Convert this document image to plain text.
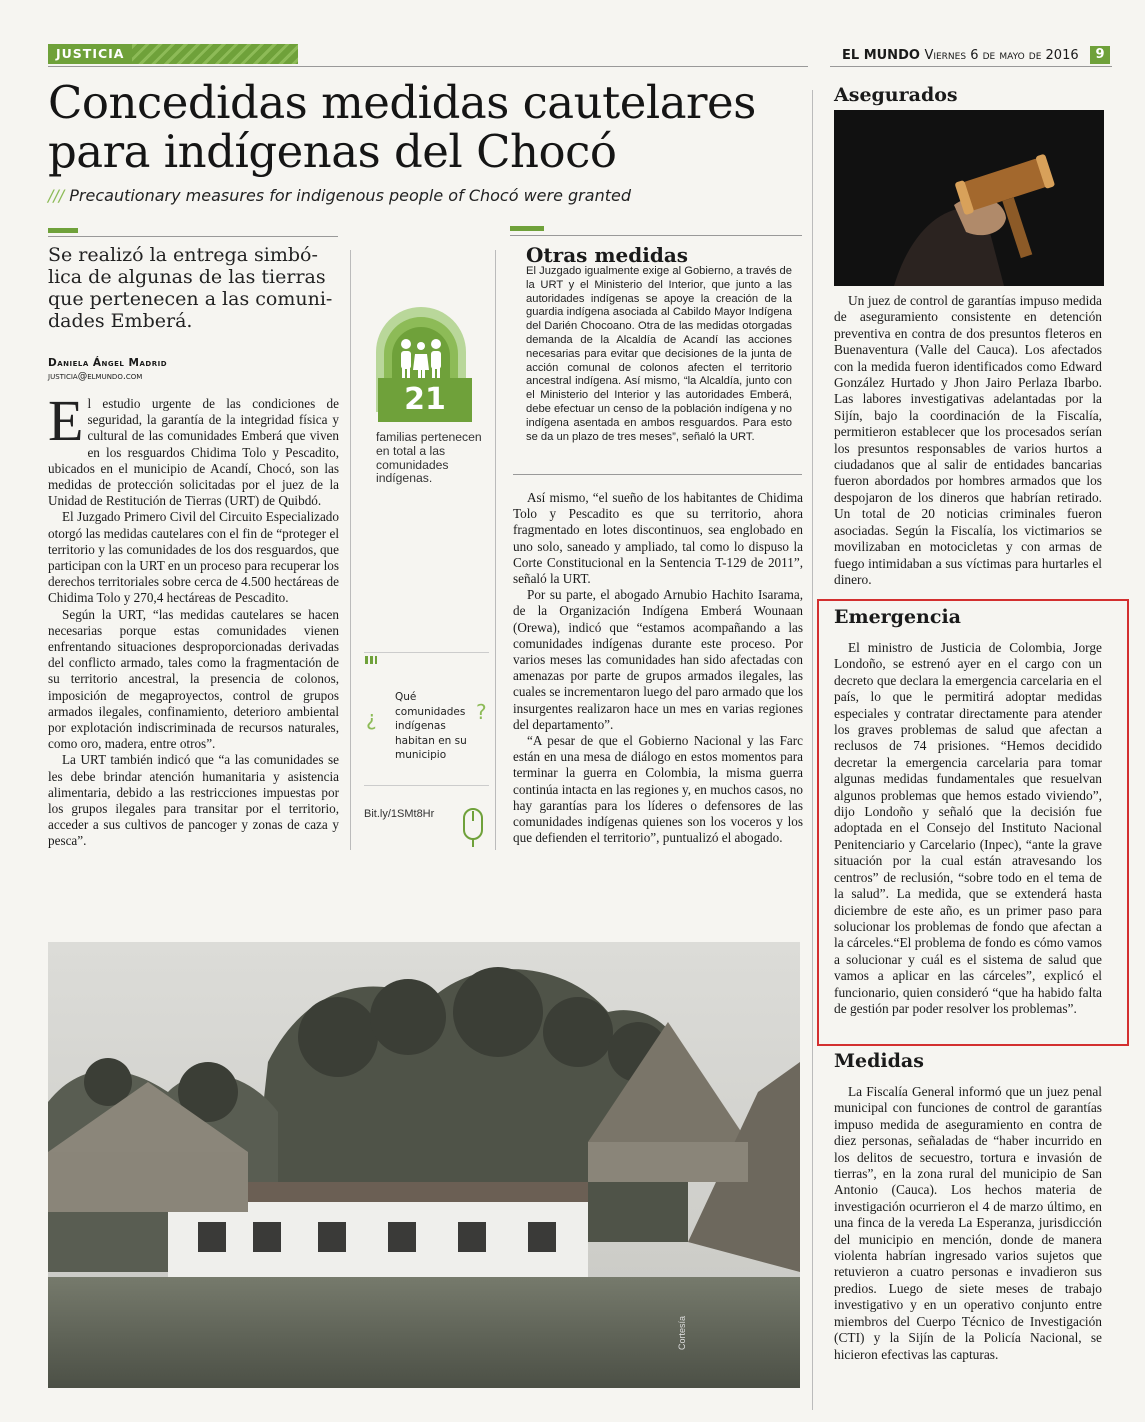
JUSTICIA	EL MUNDO Viernes 6 de mayo de 2016	9
Concedidas medidas cautelares
para indígenas del Chocó
/// Precautionary measures for indigenous people of Chocó were granted
Se realizó la entrega simbó-
lica de algunas de las tierras
que pertenecen a las comuni-
dades Emberá.
Daniela Ángel Madrid
justicia@elmundo.com

El estudio urgente de las condiciones de seguridad, la garantía de la integridad física y cultural de las comunidades Emberá que viven en los resguardos Chidima Tolo y Pescadito, ubicados en el municipio de Acandí, Chocó, son las medidas de protección solicitadas por el juez de la Unidad de Restitución de Tierras (URT) de Quibdó.

El Juzgado Primero Civil del Circuito Especializado otorgó las medidas cautelares con el fin de “proteger el territorio y las comunidades de los dos resguardos, que participan con la URT en un proceso para recuperar los derechos territoriales sobre cerca de 4.500 hectáreas de Chidima Tolo y 270,4 hectáreas de Pescadito.

Según la URT, “las medidas cautelares se hacen necesarias porque estas comunidades vienen enfrentando situaciones desproporcionadas derivadas del conflicto armado, tales como la fragmentación de su territorio ancestral, la presencia de colonos, imposición de megaproyectos, control de grupos armados ilegales, confinamiento, deterioro ambiental por explotación indiscriminada de recursos naturales, como oro, madera, entre otros”.

La URT también indicó que “a las comunidades se les debe brindar atención humanitaria y asistencia alimentaria, debido a las restricciones impuestas por los grupos ilegales para transitar por el territorio, acceder a sus cultivos de pancoger y zonas de caza y pesca”.

21
familias pertenecen en total a las comunidades indígenas.
¿
Qué comunidades indígenas habitan en su municipio
?
Bit.ly/1SMt8Hr
Otras medidas
El Juzgado igualmente exige al Gobierno, a través de la URT y el Ministerio del Interior, que junto a las autoridades indígenas se apoye la creación de la guardia indígena asociada al Cabildo Mayor Indígena del Darién Chocoano. Otra de las medidas otorgadas demanda de la Alcaldía de Acandí las acciones necesarias para evitar que decisiones de la junta de acción comunal de colonos afecten el territorio ancestral indígena. Así mismo, “la Alcaldía, junto con el Ministerio del Interior y las autoridades Emberá, debe efectuar un censo de la población indígena y no indígena asentada en ambos resguardos. Para esto se da un plazo de tres meses”, señaló la URT.

Así mismo, “el sueño de los habitantes de Chidima Tolo y Pescadito es que su territorio, ahora fragmentado en lotes discontinuos, sea englobado en uno solo, saneado y ampliado, tal como lo dispuso la Corte Constitucional en la Sentencia T-129 de 2011”, señaló la URT.

Por su parte, el abogado Arnubio Hachito Isarama, de la Organización Indígena Emberá Wounaan (Orewa), indicó que “estamos acompañando a las comunidades indígenas durante este proceso. Por varios meses las comunidades han sido afectadas con amenazas por parte de grupos armados ilegales, las cuales se incrementaron luego del paro armado que los insurgentes realizaron hace un mes en varias regiones del departamento”.

“A pesar de que el Gobierno Nacional y las Farc están en una mesa de diálogo en estos momentos para terminar la guerra en Colombia, la misma guerra continúa intacta en las regiones y, en muchos casos, no hay garantías para los líderes o defensores de las comunidades indígenas quienes son los voceros y los que defienden el territorio”, puntualizó el abogado.

Cortesía
Asegurados
Un juez de control de garantías impuso medida de aseguramiento consistente en detención preventiva en contra de dos presuntos fleteros en Buenaventura (Valle del Cauca). Los afectados con la medida fueron identificados como Edward González Hurtado y Jhon Jairo Perlaza Ibarbo. Las labores investigativas adelantadas por la Sijín, bajo la coordinación de la Fiscalía, permitieron establecer que los procesados serían los presuntos responsables de varios hurtos a ciudadanos que al salir de entidades bancarias fueron abordados por hombres armados que los despojaron de los dineros que habrían retirado. Un total de 20 noticias criminales fueron asociadas. Según la Fiscalía, los victimarios se movilizaban en motocicletas y con armas de fuego intimidaban a sus víctimas para hurtarles el dinero.
Emergencia
El ministro de Justicia de Colombia, Jorge Londoño, se estrenó ayer en el cargo con un decreto que declara la emergencia carcelaria en el país, lo que le permitirá adoptar medidas especiales y contratar directamente para atender los graves problemas de salud que afectan a reclusos de 74 prisiones. “Hemos decidido decretar la emergencia carcelaria para tomar algunas medidas fundamentales que resuelvan algunos problemas que hemos estado viviendo”, dijo Londoño y señaló que la decisión fue adoptada en el Consejo del Instituto Nacional Penitenciario y Carcelario (Inpec), “ante la grave situación por la cual están atravesando los centros” de reclusión, “sobre todo en el tema de la salud”. La medida, que se extenderá hasta diciembre de este año, es un primer paso para solucionar los problemas de fondo que afectan a la cárceles.“El problema de fondo es cómo vamos a solucionar y cuál es el sistema de salud que vamos a aplicar en las cárceles”, explicó el funcionario, quien consideró “que ha habido falta de gestión par poder resolver los problemas”.
Medidas
La Fiscalía General informó que un juez penal municipal con funciones de control de garantías impuso medida de aseguramiento en contra de diez personas, señaladas de “haber incurrido en los delitos de secuestro, tortura e invasión de tierras”, en la zona rural del municipio de San Antonio (Cauca). Los hechos materia de investigación ocurrieron el 4 de marzo último, en una finca de la vereda La Esperanza, jurisdicción del municipio en mención, donde de manera violenta habrían ingresado varios sujetos que retuvieron a cuatro personas e invadieron sus predios. Luego de siete meses de trabajo investigativo y en un operativo conjunto entre miembros del Cuerpo Técnico de Investigación (CTI) y la Sijín de la Policía Nacional, se hicieron efectivas las capturas.
